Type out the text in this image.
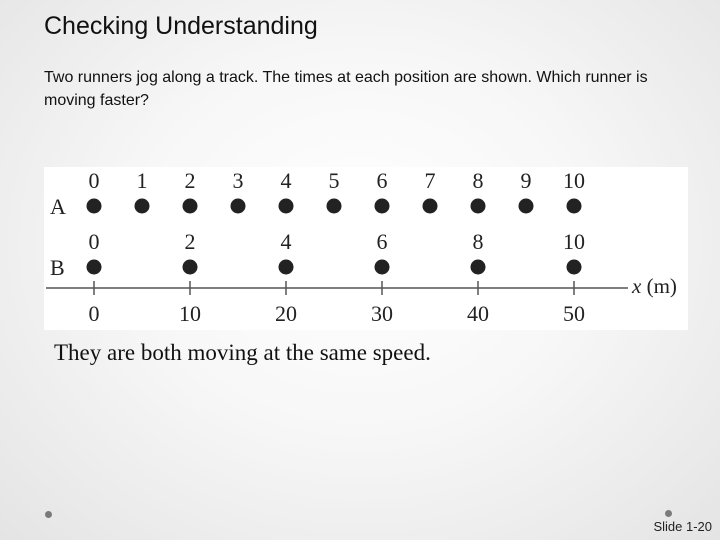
Checking Understanding
Two runners jog along a track. The times at each position are shown. Which runner is moving faster?
A
B
x (m)
0 1 2 3 4 5 6 7 8 9 10
0	2	4	6	8	10
0	10	20	30	40	50
They are both moving at the same speed.
Slide 1-20
